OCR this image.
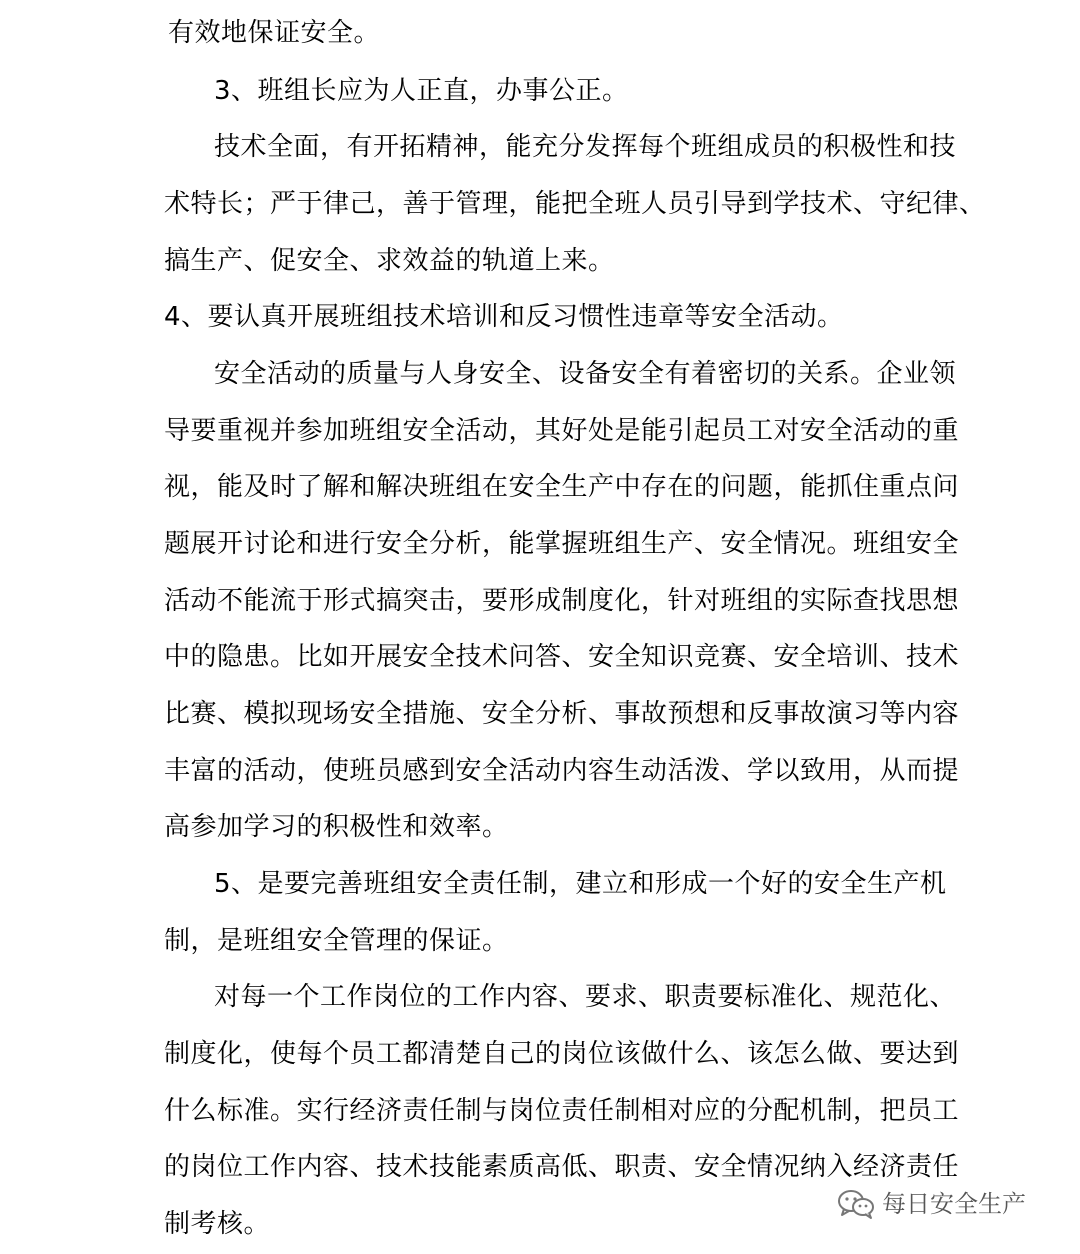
有效地保证安全。
3、班组长应为人正直，办事公正。
技术全面，有开拓精神，能充分发挥每个班组成员的积极性和技
术特长；严于律己，善于管理，能把全班人员引导到学技术、守纪律、
搞生产、促安全、求效益的轨道上来。
4、要认真开展班组技术培训和反习惯性违章等安全活动。
安全活动的质量与人身安全、设备安全有着密切的关系。企业领
导要重视并参加班组安全活动，其好处是能引起员工对安全活动的重
视，能及时了解和解决班组在安全生产中存在的问题，能抓住重点问
题展开讨论和进行安全分析，能掌握班组生产、安全情况。班组安全
活动不能流于形式搞突击，要形成制度化，针对班组的实际查找思想
中的隐患。比如开展安全技术问答、安全知识竞赛、安全培训、技术
比赛、模拟现场安全措施、安全分析、事故预想和反事故演习等内容
丰富的活动，使班员感到安全活动内容生动活泼、学以致用，从而提
高参加学习的积极性和效率。
5、是要完善班组安全责任制，建立和形成一个好的安全生产机
制，是班组安全管理的保证。
对每一个工作岗位的工作内容、要求、职责要标准化、规范化、
制度化，使每个员工都清楚自己的岗位该做什么、该怎么做、要达到
什么标准。实行经济责任制与岗位责任制相对应的分配机制，把员工
的岗位工作内容、技术技能素质高低、职责、安全情况纳入经济责任
制考核。
每日安全生产
